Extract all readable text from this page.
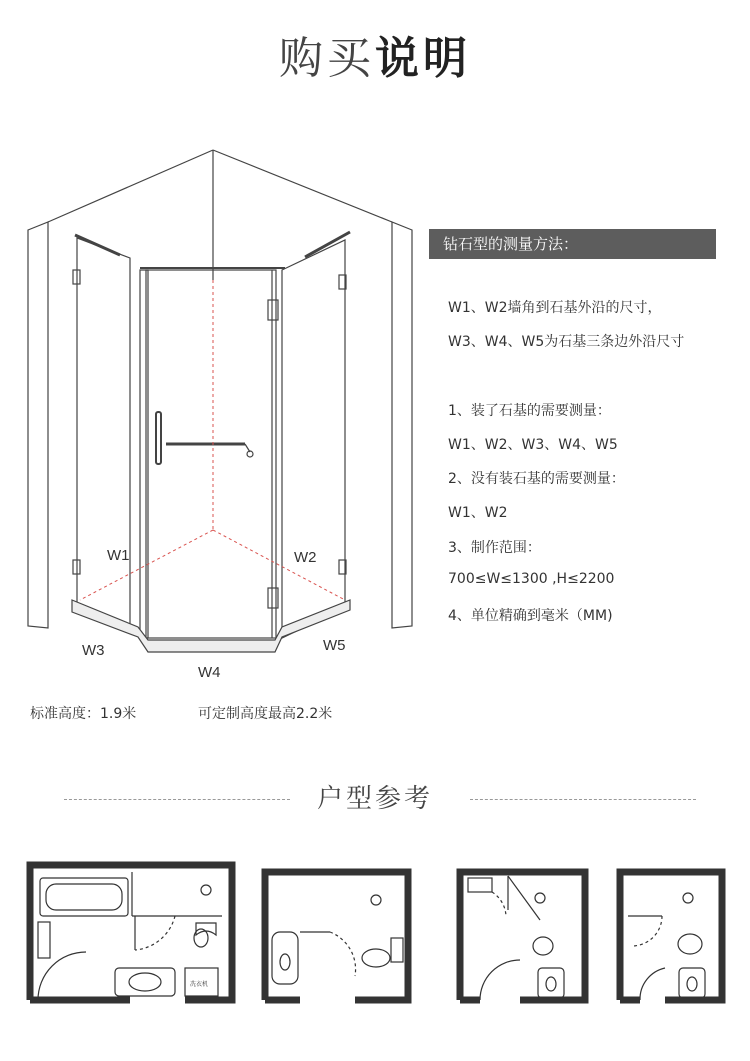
购买说明
W1	W2
W3
W4
W5
钻石型的测量方法：
W1、W2墙角到石基外沿的尺寸，
W3、W4、W5为石基三条边外沿尺寸
1、装了石基的需要测量：
W1、W2、W3、W4、W5
2、没有装石基的需要测量：
W1、W2
3、制作范围：
700≤W≤1300 ,H≤2200
4、单位精确到毫米（MM)
标准高度：1.9米	可定制高度最高2.2米
户型参考
冼衣机
